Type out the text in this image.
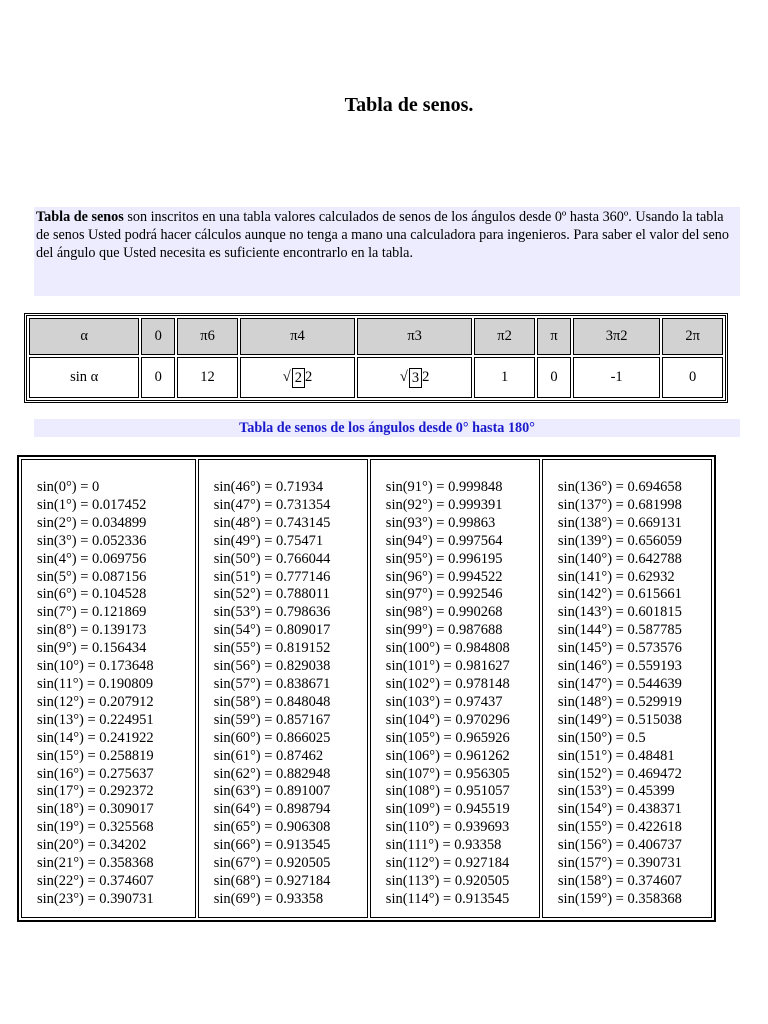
Tabla de senos.
Tabla de senos son inscritos en una tabla valores calculados de senos de los ángulos desde 0º hasta 360º. Usando la tabla de senos Usted podrá hacer cálculos aunque no tenga a mano una calculadora para ingenieros. Para saber el valor del seno del ángulo que Usted necesita es suficiente encontrarlo en la tabla.
α	0	π6	π4	π3	π2	π	3π2	2π
sin α	0	12	√ 2 2	√ 3 2	1	0	-1	0
Tabla de senos de los ángulos desde 0° hasta 180°
sin(0°) = 0
sin(1°) = 0.017452
sin(2°) = 0.034899
sin(3°) = 0.052336
sin(4°) = 0.069756
sin(5°) = 0.087156
sin(6°) = 0.104528
sin(7°) = 0.121869
sin(8°) = 0.139173
sin(9°) = 0.156434
sin(10°) = 0.173648
sin(11°) = 0.190809
sin(12°) = 0.207912
sin(13°) = 0.224951
sin(14°) = 0.241922
sin(15°) = 0.258819
sin(16°) = 0.275637
sin(17°) = 0.292372
sin(18°) = 0.309017
sin(19°) = 0.325568
sin(20°) = 0.34202
sin(21°) = 0.358368
sin(22°) = 0.374607
sin(23°) = 0.390731
sin(46°) = 0.71934
sin(47°) = 0.731354
sin(48°) = 0.743145
sin(49°) = 0.75471
sin(50°) = 0.766044
sin(51°) = 0.777146
sin(52°) = 0.788011
sin(53°) = 0.798636
sin(54°) = 0.809017
sin(55°) = 0.819152
sin(56°) = 0.829038
sin(57°) = 0.838671
sin(58°) = 0.848048
sin(59°) = 0.857167
sin(60°) = 0.866025
sin(61°) = 0.87462
sin(62°) = 0.882948
sin(63°) = 0.891007
sin(64°) = 0.898794
sin(65°) = 0.906308
sin(66°) = 0.913545
sin(67°) = 0.920505
sin(68°) = 0.927184
sin(69°) = 0.93358
sin(91°) = 0.999848
sin(92°) = 0.999391
sin(93°) = 0.99863
sin(94°) = 0.997564
sin(95°) = 0.996195
sin(96°) = 0.994522
sin(97°) = 0.992546
sin(98°) = 0.990268
sin(99°) = 0.987688
sin(100°) = 0.984808
sin(101°) = 0.981627
sin(102°) = 0.978148
sin(103°) = 0.97437
sin(104°) = 0.970296
sin(105°) = 0.965926
sin(106°) = 0.961262
sin(107°) = 0.956305
sin(108°) = 0.951057
sin(109°) = 0.945519
sin(110°) = 0.939693
sin(111°) = 0.93358
sin(112°) = 0.927184
sin(113°) = 0.920505
sin(114°) = 0.913545
sin(136°) = 0.694658
sin(137°) = 0.681998
sin(138°) = 0.669131
sin(139°) = 0.656059
sin(140°) = 0.642788
sin(141°) = 0.62932
sin(142°) = 0.615661
sin(143°) = 0.601815
sin(144°) = 0.587785
sin(145°) = 0.573576
sin(146°) = 0.559193
sin(147°) = 0.544639
sin(148°) = 0.529919
sin(149°) = 0.515038
sin(150°) = 0.5
sin(151°) = 0.48481
sin(152°) = 0.469472
sin(153°) = 0.45399
sin(154°) = 0.438371
sin(155°) = 0.422618
sin(156°) = 0.406737
sin(157°) = 0.390731
sin(158°) = 0.374607
sin(159°) = 0.358368
